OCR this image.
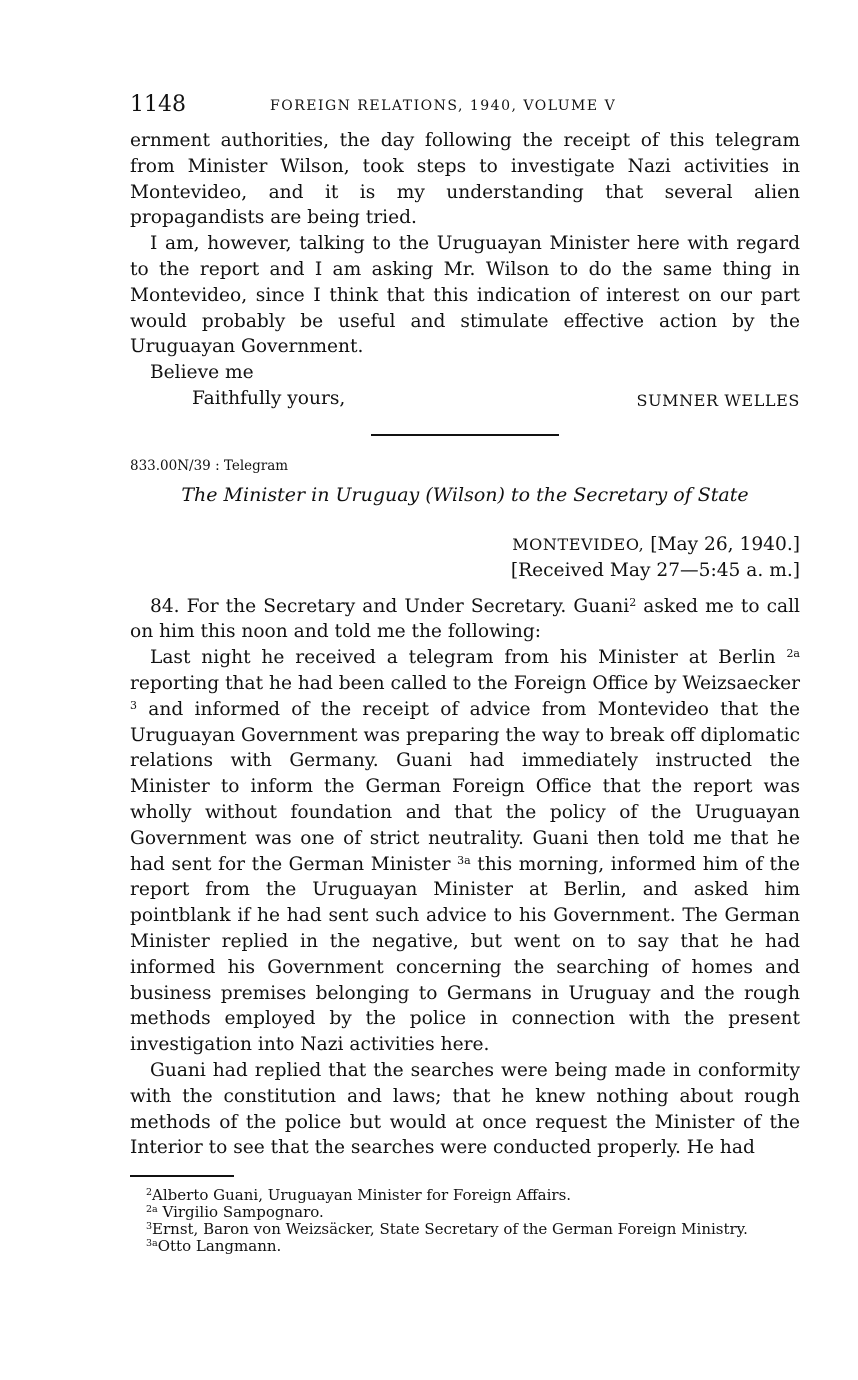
1148	FOREIGN RELATIONS, 1940, VOLUME V

ernment authorities, the day following the receipt of this telegram from Minister Wilson, took steps to investigate Nazi activities in Montevideo, and it is my understanding that several alien propagandists are being tried.

I am, however, talking to the Uruguayan Minister here with regard to the report and I am asking Mr. Wilson to do the same thing in Montevideo, since I think that this indication of interest on our part would probably be useful and stimulate effective action by the Uruguayan Government.

Believe me

Faithfully yours,	SUMNER WELLES

833.00N/39 : Telegram

The Minister in Uruguay (Wilson) to the Secretary of State

MONTEVIDEO, [May 26, 1940.]
[Received May 27—5:45 a. m.]

84. For the Secretary and Under Secretary. Guani$^2$ asked me to call on him this noon and told me the following:

Last night he received a telegram from his Minister at Berlin $^{2a}$ reporting that he had been called to the Foreign Office by Weizsaecker $^3$ and informed of the receipt of advice from Montevideo that the Uruguayan Government was preparing the way to break off diplomatic relations with Germany. Guani had immediately instructed the Minister to inform the German Foreign Office that the report was wholly without foundation and that the policy of the Uruguayan Government was one of strict neutrality. Guani then told me that he had sent for the German Minister $^{3a}$ this morning, informed him of the report from the Uruguayan Minister at Berlin, and asked him pointblank if he had sent such advice to his Government. The German Minister replied in the negative, but went on to say that he had informed his Government concerning the searching of homes and business premises belonging to Germans in Uruguay and the rough methods employed by the police in connection with the present investigation into Nazi activities here.

Guani had replied that the searches were being made in conformity with the constitution and laws; that he knew nothing about rough methods of the police but would at once request the Minister of the Interior to see that the searches were conducted properly. He had

$^2$Alberto Guani, Uruguayan Minister for Foreign Affairs.

$^{2a}$ Virgilio Sampognaro.

$^3$Ernst, Baron von Weizsäcker, State Secretary of the German Foreign Ministry.

$^{3a}$Otto Langmann.
